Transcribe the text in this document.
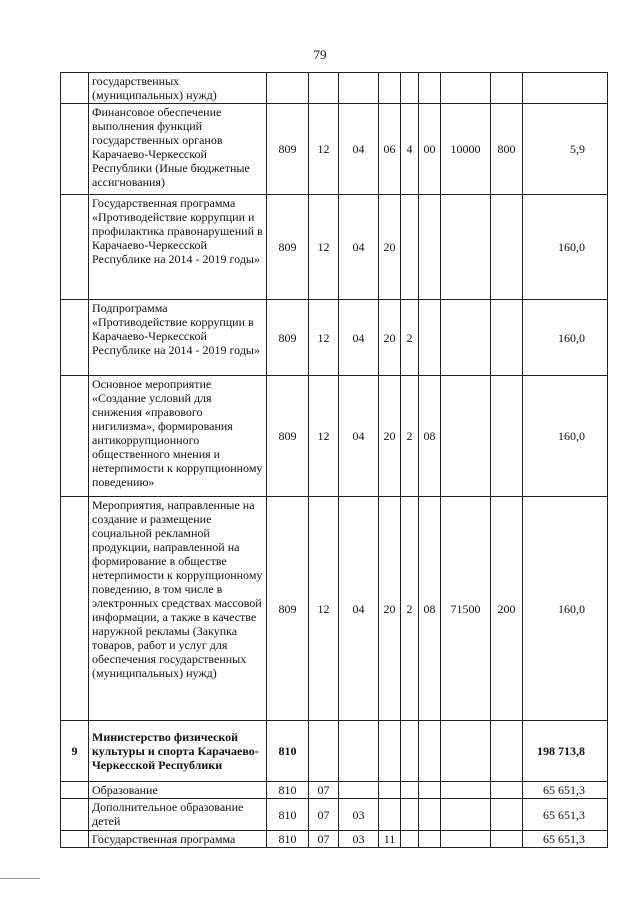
79
	государственных (муниципальных) нужд)									
	Финансовое обеспечение выполнения функций государственных органов Карачаево-Черкесской Республики (Иные бюджетные ассигнования)	809	12	04	06	4	00	10000	800	5,9
	Государственная программа «Противодействие коррупции и профилактика правонарушений в Карачаево-Черкесской Республике на 2014 - 2019 годы»	809	12	04	20					160,0
	Подпрограмма «Противодействие коррупции в Карачаево-Черкесской Республике на 2014 - 2019 годы»	809	12	04	20	2				160,0
	Основное мероприятие «Создание условий для снижения «правового нигилизма», формирования антикоррупционного общественного мнения и нетерпимости к коррупционному поведению»	809	12	04	20	2	08			160,0
	Мероприятия, направленные на создание и размещение социальной рекламной продукции, направленной на формирование в обществе нетерпимости к коррупционному поведению, в том числе в электронных средствах массовой информации, а также в качестве наружной рекламы (Закупка товаров, работ и услуг для обеспечения государственных (муниципальных) нужд)	809	12	04	20	2	08	71500	200	160,0
9	Министерство физической культуры и спорта Карачаево-Черкесской Республики	810								198 713,8
	Образование	810	07							65 651,3
	Дополнительное образование детей	810	07	03						65 651,3
	Государственная программа	810	07	03	11					65 651,3
